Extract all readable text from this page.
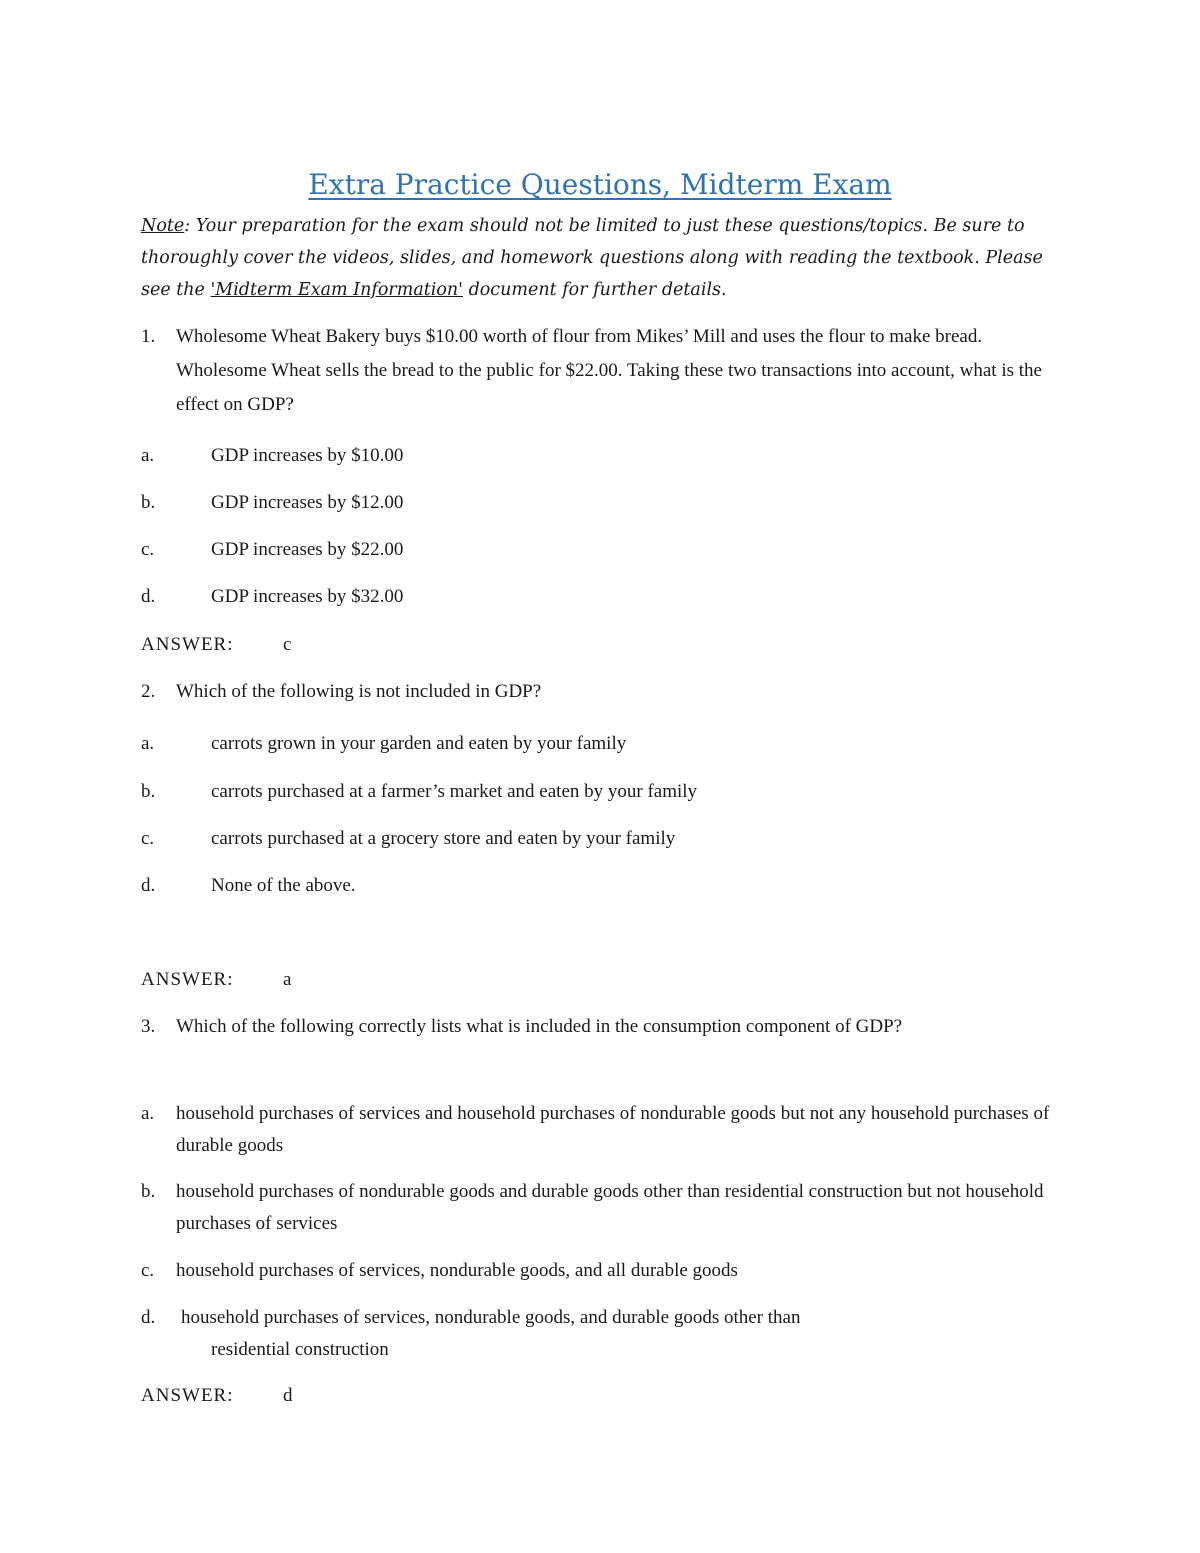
Extra Practice Questions, Midterm Exam
Note: Your preparation for the exam should not be limited to just these questions/topics. Be sure to thoroughly cover the videos, slides, and homework questions along with reading the textbook. Please see the 'Midterm Exam Information' document for further details.
1.	Wholesome Wheat Bakery buys $10.00 worth of flour from Mikes’ Mill and uses the flour to make bread. Wholesome Wheat sells the bread to the public for $22.00. Taking these two transactions into account, what is the effect on GDP?
a.	GDP increases by $10.00
b.	GDP increases by $12.00
c.	GDP increases by $22.00
d.	GDP increases by $32.00
ANSWER:	c
2.	Which of the following is not included in GDP?
a.	carrots grown in your garden and eaten by your family
b.	carrots purchased at a farmer’s market and eaten by your family
c.	carrots purchased at a grocery store and eaten by your family
d.	None of the above.
ANSWER:	a
3.	Which of the following correctly lists what is included in the consumption component of GDP?
a.	household purchases of services and household purchases of nondurable goods but not any household purchases of durable goods
b.	household purchases of nondurable goods and durable goods other than residential construction but not household purchases of services
c.	household purchases of services, nondurable goods, and all durable goods
d.	household purchases of services, nondurable goods, and durable goods other than
residential construction
ANSWER:	d
